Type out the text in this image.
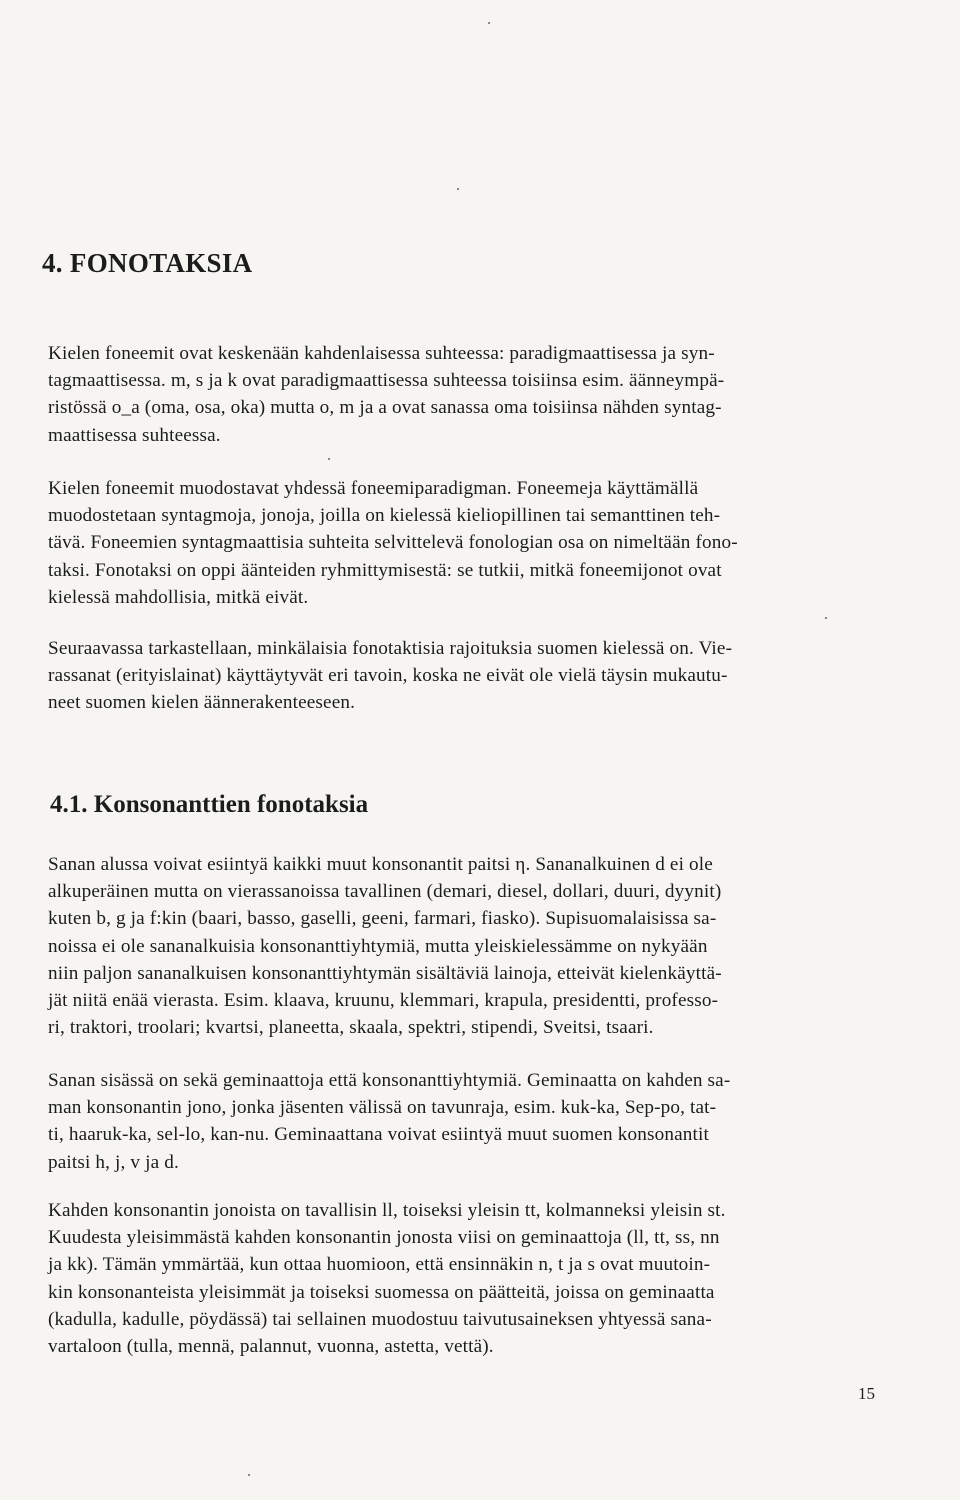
4. FONOTAKSIA

Kielen foneemit ovat keskenään kahdenlaisessa suhteessa: paradigmaattisessa ja syn-
tagmaattisessa. m, s ja k ovat paradigmaattisessa suhteessa toisiinsa esim. äänneympä-
ristössä o_a (oma, osa, oka) mutta o, m ja a ovat sanassa oma toisiinsa nähden syntag-
maattisessa suhteessa.

Kielen foneemit muodostavat yhdessä foneemiparadigman. Foneemeja käyttämällä
muodostetaan syntagmoja, jonoja, joilla on kielessä kieliopillinen tai semanttinen teh-
tävä. Foneemien syntagmaattisia suhteita selvittelevä fonologian osa on nimeltään fono-
taksi. Fonotaksi on oppi äänteiden ryhmittymisestä: se tutkii, mitkä foneemijonot ovat
kielessä mahdollisia, mitkä eivät.

Seuraavassa tarkastellaan, minkälaisia fonotaktisia rajoituksia suomen kielessä on. Vie-
rassanat (erityislainat) käyttäytyvät eri tavoin, koska ne eivät ole vielä täysin mukautu-
neet suomen kielen äännerakenteeseen.

4.1. Konsonanttien fonotaksia

Sanan alussa voivat esiintyä kaikki muut konsonantit paitsi η. Sananalkuinen d ei ole
alkuperäinen mutta on vierassanoissa tavallinen (demari, diesel, dollari, duuri, dyynit)
kuten b, g ja f:kin (baari, basso, gaselli, geeni, farmari, fiasko). Supisuomalaisissa sa-
noissa ei ole sananalkuisia konsonanttiyhtymiä, mutta yleiskielessämme on nykyään
niin paljon sananalkuisen konsonanttiyhtymän sisältäviä lainoja, etteivät kielenkäyttä-
jät niitä enää vierasta. Esim. klaava, kruunu, klemmari, krapula, presidentti, professo-
ri, traktori, troolari; kvartsi, planeetta, skaala, spektri, stipendi, Sveitsi, tsaari.

Sanan sisässä on sekä geminaattoja että konsonanttiyhtymiä. Geminaatta on kahden sa-
man konsonantin jono, jonka jäsenten välissä on tavunraja, esim. kuk-ka, Sep-po, tat-
ti, haaruk-ka, sel-lo, kan-nu. Geminaattana voivat esiintyä muut suomen konsonantit
paitsi h, j, v ja d.

Kahden konsonantin jonoista on tavallisin ll, toiseksi yleisin tt, kolmanneksi yleisin st.
Kuudesta yleisimmästä kahden konsonantin jonosta viisi on geminaattoja (ll, tt, ss, nn
ja kk). Tämän ymmärtää, kun ottaa huomioon, että ensinnäkin n, t ja s ovat muutoin-
kin konsonanteista yleisimmät ja toiseksi suomessa on päätteitä, joissa on geminaatta
(kadulla, kadulle, pöydässä) tai sellainen muodostuu taivutusaineksen yhtyessä sana-
vartaloon (tulla, mennä, palannut, vuonna, astetta, vettä).

15
